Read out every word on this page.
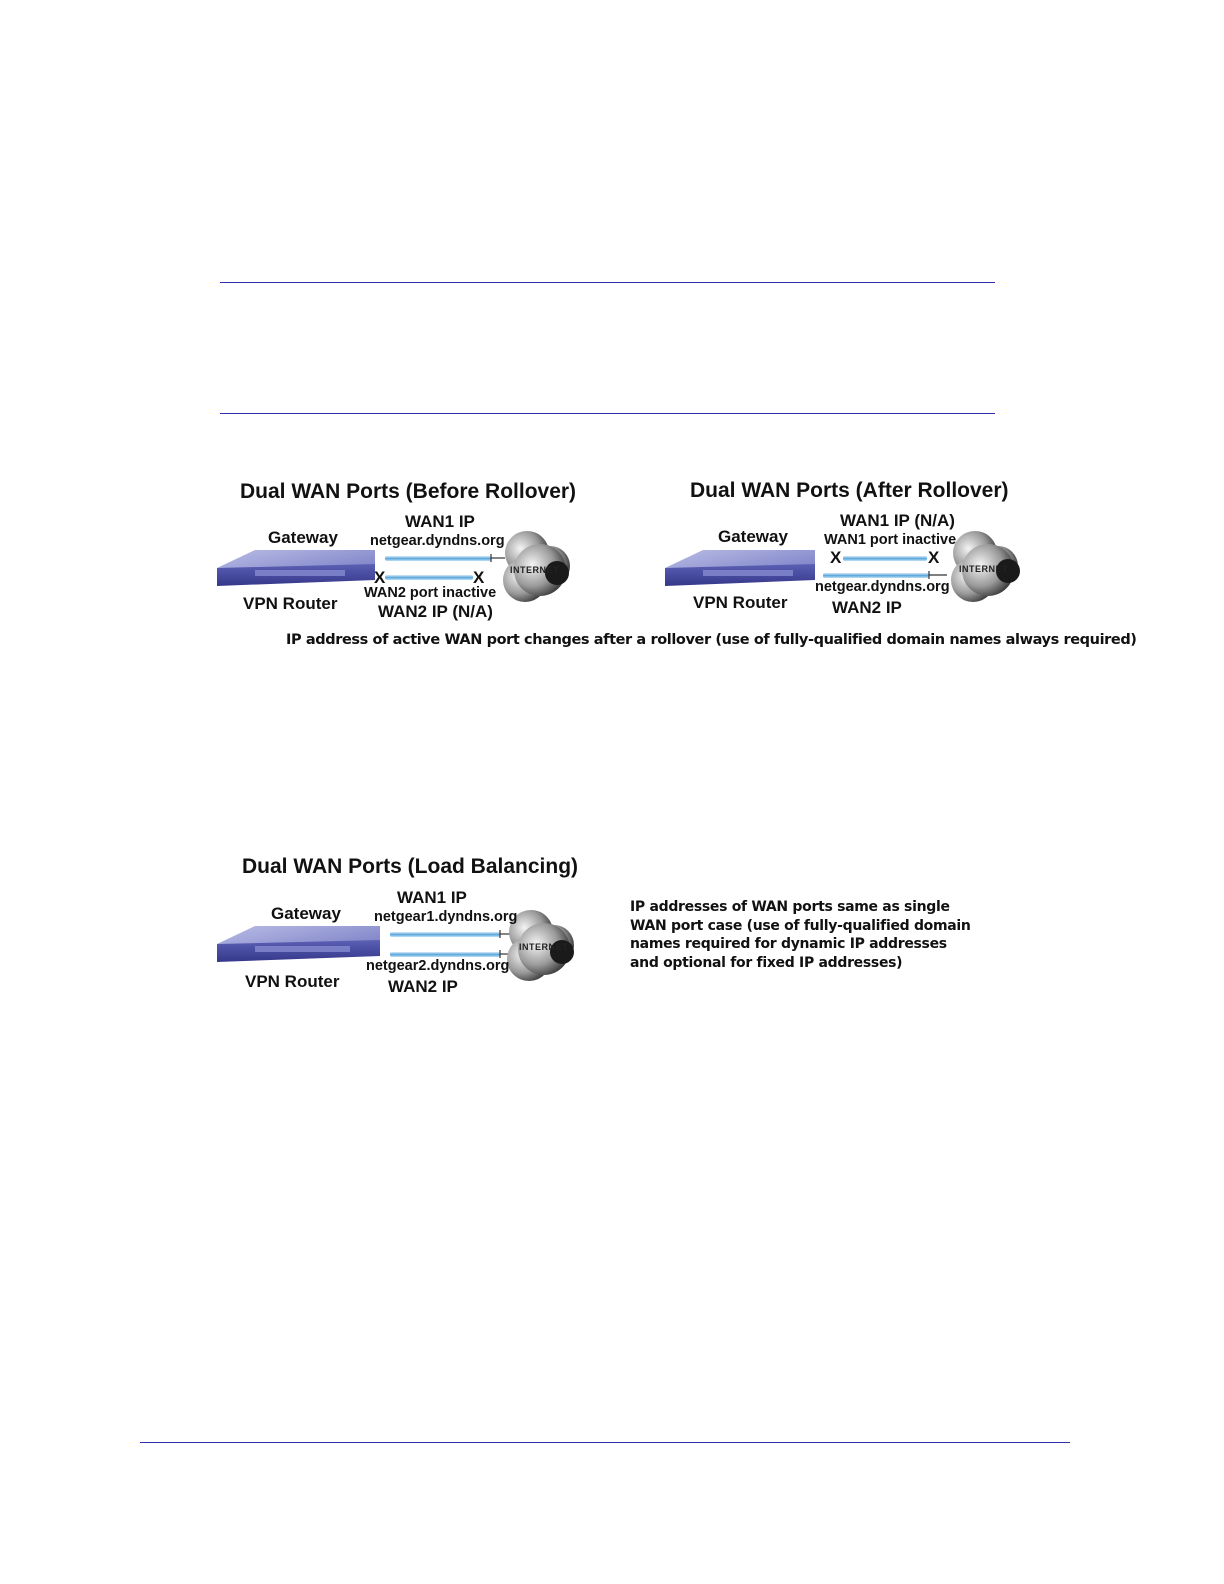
INTERNET
X	X
Dual WAN Ports (Before Rollover)
Gateway
WAN1 IP
netgear.dyndns.org
VPN Router
WAN2 port inactive
WAN2 IP (N/A)
INTERNET
X	X
Dual WAN Ports (After Rollover)
Gateway
WAN1 IP (N/A)
WAN1 port inactive
VPN Router
netgear.dyndns.org
WAN2 IP
IP address of active WAN port changes after a rollover (use of fully-qualified domain names always required)
INTERNET
Dual WAN Ports (Load Balancing)
Gateway
WAN1 IP
netgear1.dyndns.org
netgear2.dyndns.org
VPN Router	WAN2 IP
IP addresses of WAN ports same as single
WAN port case (use of fully-qualified domain
names required for dynamic IP addresses
and optional for fixed IP addresses)
